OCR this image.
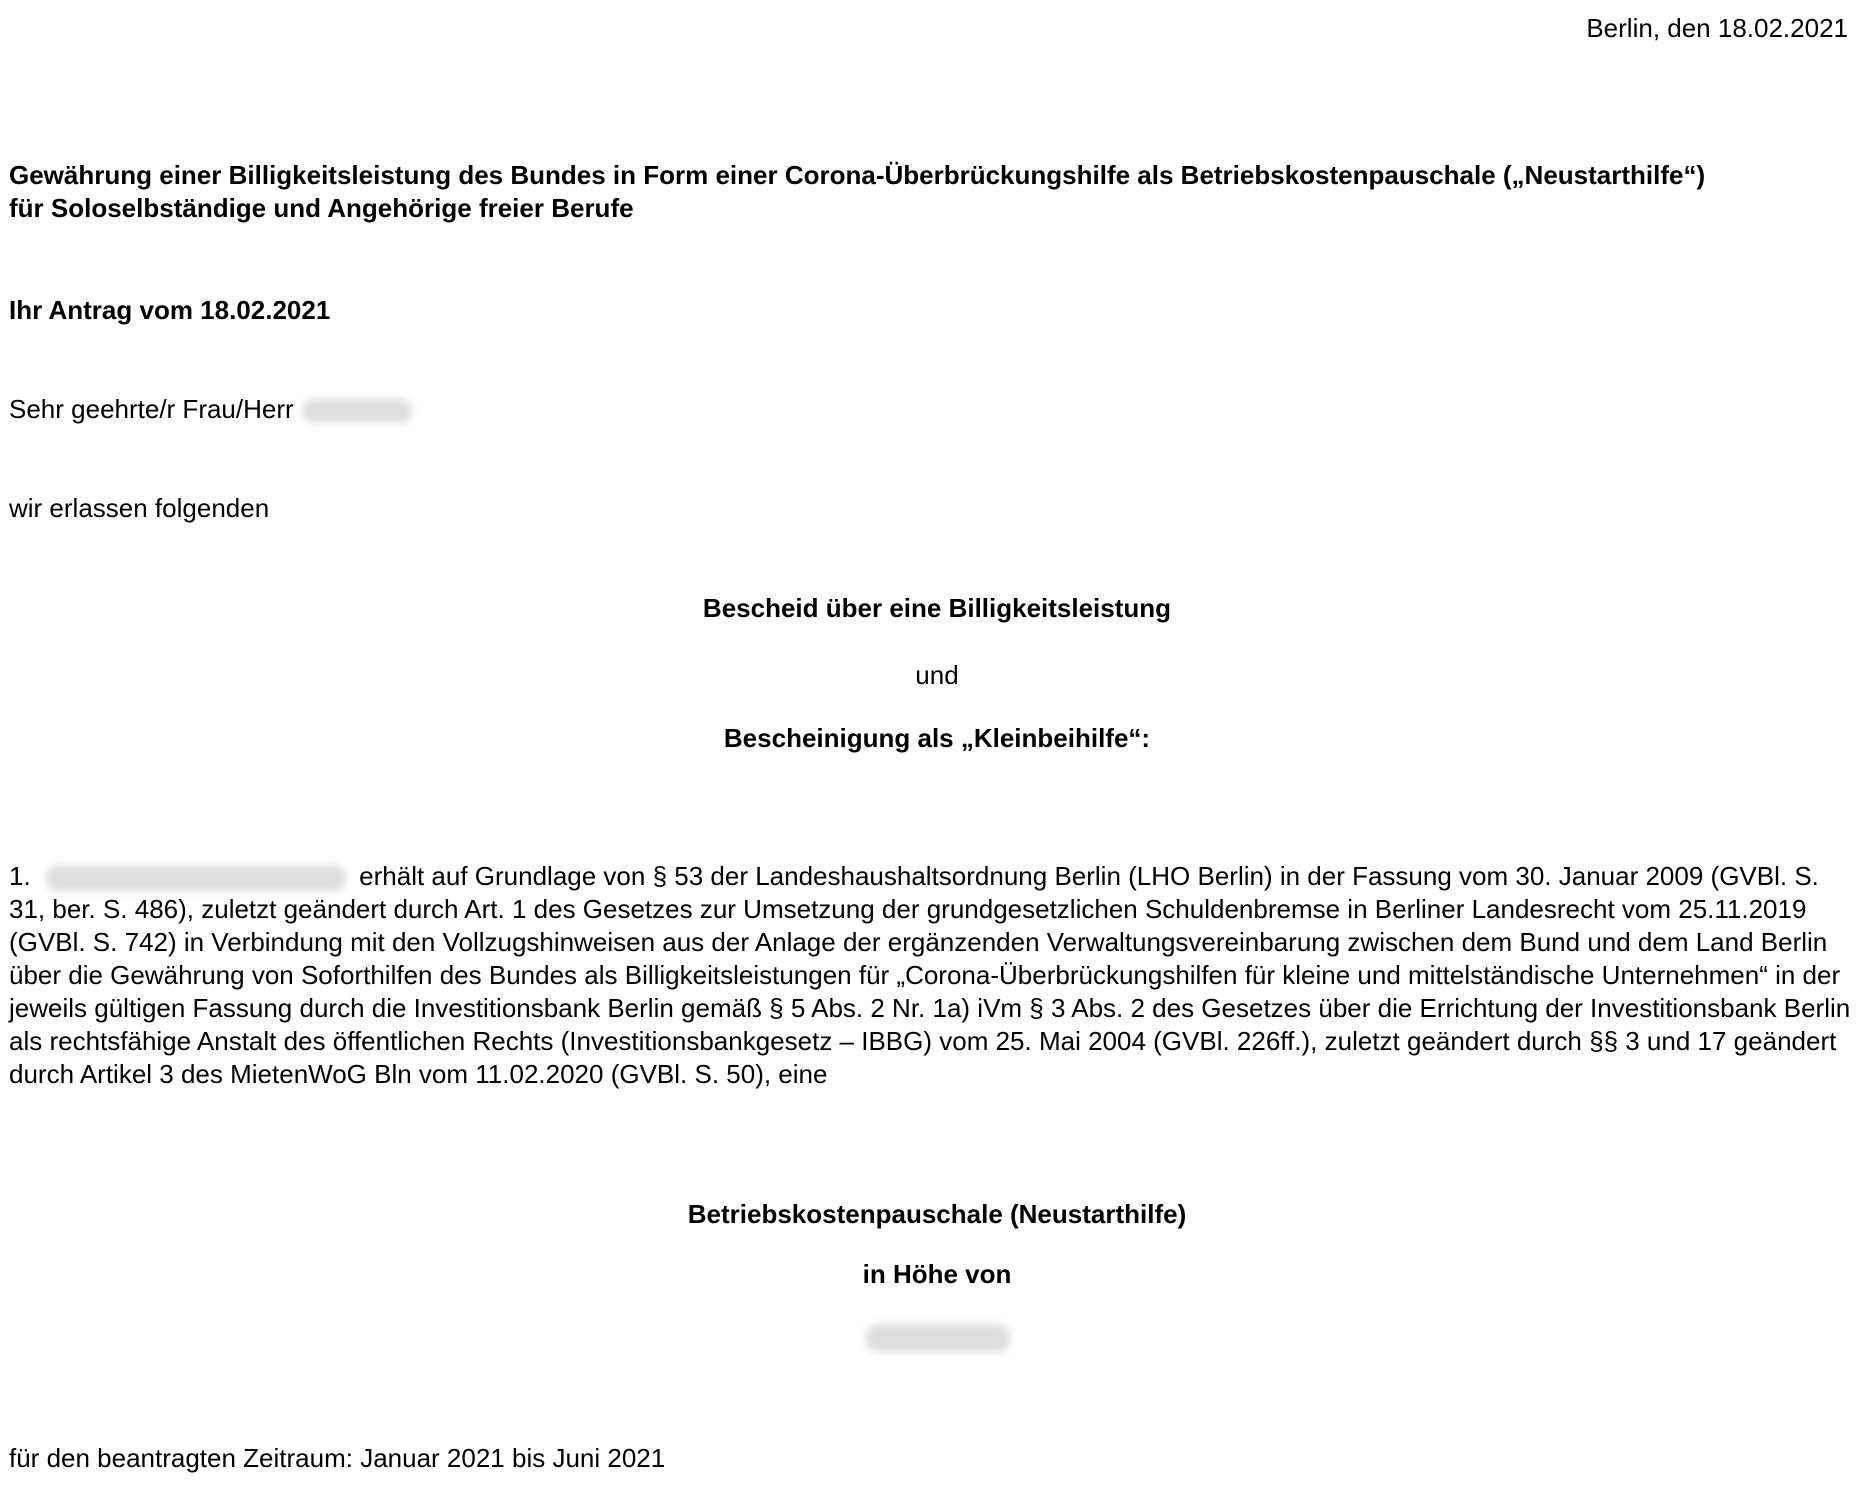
Berlin, den 18.02.2021
Gewährung einer Billigkeitsleistung des Bundes in Form einer Corona-Überbrückungshilfe als Betriebskostenpauschale („Neustarthilfe“)
für Soloselbständige und Angehörige freier Berufe
Ihr Antrag vom 18.02.2021
Sehr geehrte/r Frau/Herr
wir erlassen folgenden
Bescheid über eine Billigkeitsleistung
und
Bescheinigung als „Kleinbeihilfe“:
1.	erhält auf Grundlage von § 53 der Landeshaushaltsordnung Berlin (LHO Berlin) in der Fassung vom 30. Januar 2009 (GVBl. S. 31, ber. S. 486), zuletzt geändert durch Art. 1 des Gesetzes zur Umsetzung der grundgesetzlichen Schuldenbremse in Berliner Landesrecht vom 25.11.2019 (GVBl. S. 742) in Verbindung mit den Vollzugshinweisen aus der Anlage der ergänzenden Verwaltungsvereinbarung zwischen dem Bund und dem Land Berlin über die Gewährung von Soforthilfen des Bundes als Billigkeitsleistungen für „Corona-Überbrückungshilfen für kleine und mittelständische Unternehmen“ in der jeweils gültigen Fassung durch die Investitionsbank Berlin gemäß § 5 Abs. 2 Nr. 1a) iVm § 3 Abs. 2 des Gesetzes über die Errichtung der Investitionsbank Berlin als rechtsfähige Anstalt des öffentlichen Rechts (Investitionsbankgesetz – IBBG) vom 25. Mai 2004 (GVBl. 226ff.), zuletzt geändert durch §§ 3 und 17 geändert durch Artikel 3 des MietenWoG Bln vom 11.02.2020 (GVBl. S. 50), eine
Betriebskostenpauschale (Neustarthilfe)
in Höhe von
für den beantragten Zeitraum: Januar 2021 bis Juni 2021
